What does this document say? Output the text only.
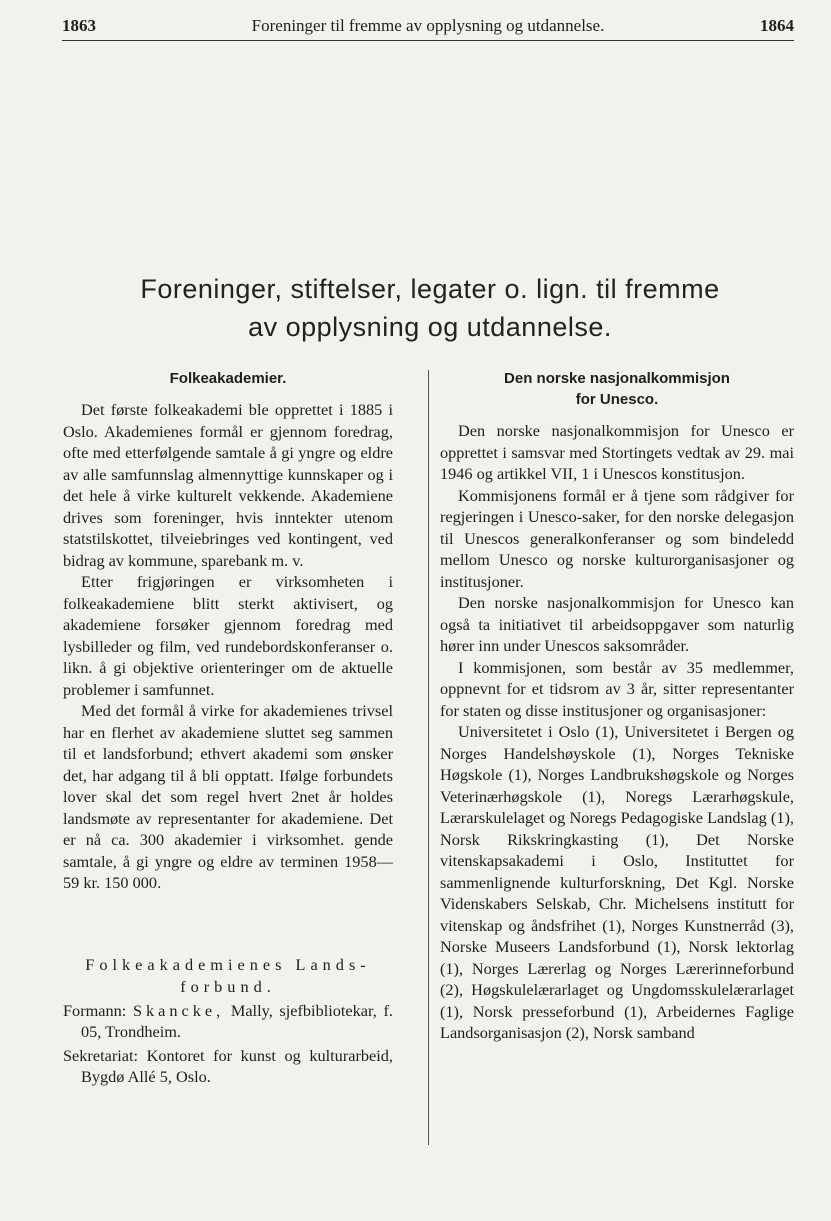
1863	Foreninger til fremme av opplysning og utdannelse.	1864
Foreninger, stiftelser, legater o. lign. til fremme
av opplysning og utdannelse.
Folkeakademier.

Det første folkeakademi ble opprettet i 1885 i Oslo. Akademienes formål er gjennom foredrag, ofte med etterfølgende samtale å gi yngre og eldre av alle samfunnslag almennyttige kunnskaper og i det hele å virke kulturelt vekkende. Akademiene drives som foreninger, hvis inntekter utenom statstilskottet, tilveiebringes ved kontingent, ved bidrag av kommune, sparebank m. v.

Etter frigjøringen er virksomheten i folkeakademiene blitt sterkt aktivisert, og akademiene forsøker gjennom foredrag med lysbilleder og film, ved rundebordskonferanser o. likn. å gi objektive orienteringer om de aktuelle problemer i samfunnet.

Med det formål å virke for akademienes trivsel har en flerhet av akademiene sluttet seg sammen til et landsforbund; ethvert akademi som ønsker det, har adgang til å bli opptatt. Ifølge forbundets lover skal det som regel hvert 2net år holdes landsmøte av representanter for akademiene. Det er nå ca. 300 akademier i virksomhet. gende samtale, å gi yngre og eldre av terminen 1958—59 kr. 150 000.

Folkeakademienes Lands-
forbund.

Formann: Skancke, Mally, sjefbibliotekar, f. 05, Trondheim.

Sekretariat: Kontoret for kunst og kulturarbeid, Bygdø Allé 5, Oslo.

Den norske nasjonalkommisjon
for Unesco.

Den norske nasjonalkommisjon for Unesco er opprettet i samsvar med Stortingets vedtak av 29. mai 1946 og artikkel VII, 1 i Unescos konstitusjon.

Kommisjonens formål er å tjene som rådgiver for regjeringen i Unesco-saker, for den norske delegasjon til Unescos generalkonferanser og som bindeledd mellom Unesco og norske kulturorganisasjoner og institusjoner.

Den norske nasjonalkommisjon for Unesco kan også ta initiativet til arbeidsoppgaver som naturlig hører inn under Unescos saksområder.

I kommisjonen, som består av 35 medlemmer, oppnevnt for et tidsrom av 3 år, sitter representanter for staten og disse institusjoner og organisasjoner:

Universitetet i Oslo (1), Universitetet i Bergen og Norges Handelshøyskole (1), Norges Tekniske Høgskole (1), Norges Landbrukshøgskole og Norges Veterinærhøgskole (1), Noregs Lærarhøgskule, Lærarskulelaget og Noregs Pedagogiske Landslag (1), Norsk Rikskringkasting (1), Det Norske vitenskapsakademi i Oslo, Instituttet for sammenlignende kulturforskning, Det Kgl. Norske Videnskabers Selskab, Chr. Michelsens institutt for vitenskap og åndsfrihet (1), Norges Kunstnerråd (3), Norske Museers Landsforbund (1), Norsk lektorlag (1), Norges Lærerlag og Norges Lærerinneforbund (2), Høgskulelærarlaget og Ungdomsskulelærarlaget (1), Norsk presseforbund (1), Arbeidernes Faglige Landsorganisasjon (2), Norsk samband
